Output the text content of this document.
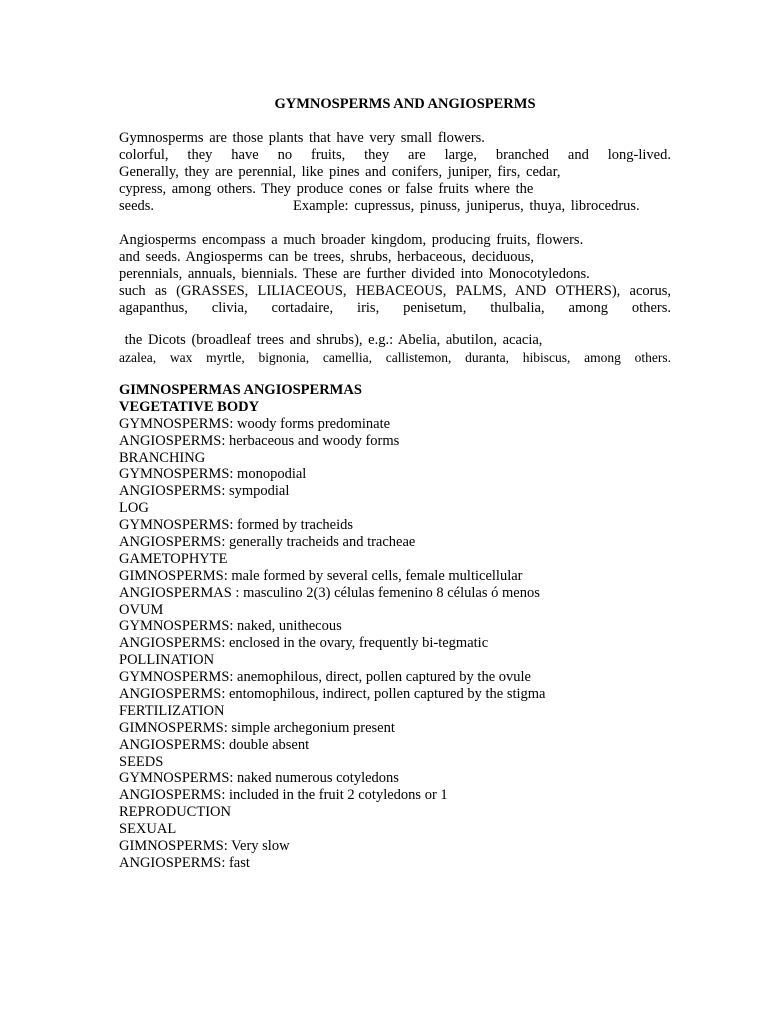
GYMNOSPERMS AND ANGIOSPERMS
Gymnosperms are those plants that have very small flowers.
colorful, they have no fruits, they are large, branched and long-lived.
Generally, they are perennial, like pines and conifers, juniper, firs, cedar,
cypress, among others. They produce cones or false fruits where the
seeds.	Example: cupressus, pinuss, juniperus, thuya, librocedrus.
Angiosperms encompass a much broader kingdom, producing fruits, flowers.
and seeds. Angiosperms can be trees, shrubs, herbaceous, deciduous,
perennials, annuals, biennials. These are further divided into Monocotyledons.
such as (GRASSES, LILIACEOUS, HEBACEOUS, PALMS, AND OTHERS), acorus,
agapanthus, clivia, cortadaire, iris, penisetum, thulbalia, among others.
the Dicots (broadleaf trees and shrubs), e.g.: Abelia, abutilon, acacia,
azalea, wax myrtle, bignonia, camellia, callistemon, duranta, hibiscus, among others.
GIMNOSPERMAS ANGIOSPERMAS
VEGETATIVE BODY
GYMNOSPERMS: woody forms predominate
ANGIOSPERMS: herbaceous and woody forms
BRANCHING
GYMNOSPERMS: monopodial
ANGIOSPERMS: sympodial
LOG
GYMNOSPERMS: formed by tracheids
ANGIOSPERMS: generally tracheids and tracheae
GAMETOPHYTE
GIMNOSPERMS: male formed by several cells, female multicellular
ANGIOSPERMAS : masculino 2(3) células femenino 8 células ó menos
OVUM
GYMNOSPERMS: naked, unithecous
ANGIOSPERMS: enclosed in the ovary, frequently bi-tegmatic
POLLINATION
GYMNOSPERMS: anemophilous, direct, pollen captured by the ovule
ANGIOSPERMS: entomophilous, indirect, pollen captured by the stigma
FERTILIZATION
GIMNOSPERMS: simple archegonium present
ANGIOSPERMS: double absent
SEEDS
GYMNOSPERMS: naked numerous cotyledons
ANGIOSPERMS: included in the fruit 2 cotyledons or 1
REPRODUCTION
SEXUAL
GIMNOSPERMS: Very slow
ANGIOSPERMS: fast
